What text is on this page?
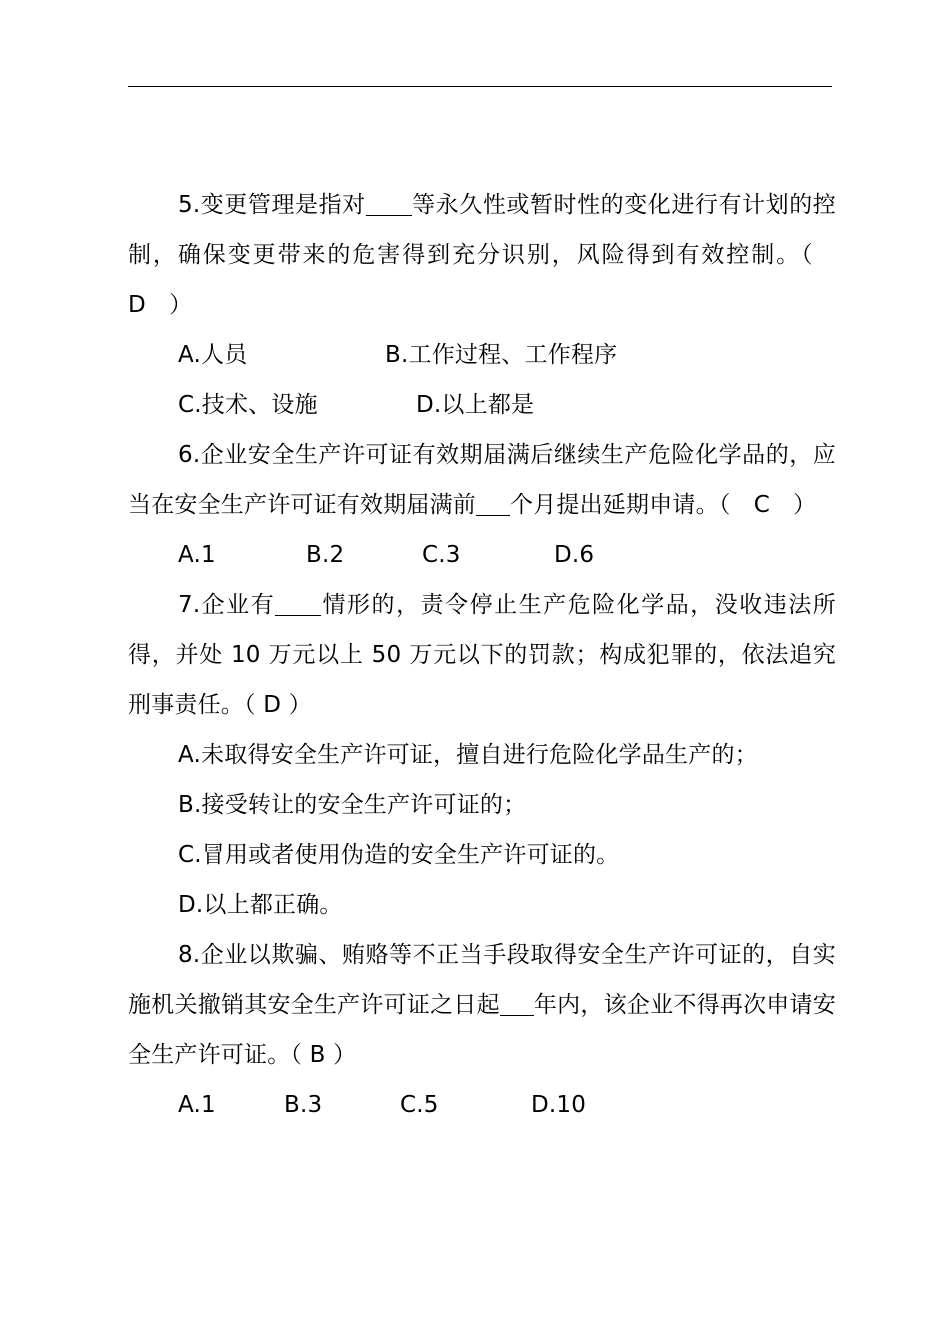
5.变更管理是指对 等永久性或暂时性的变化进行有计划的控制，确保变更带来的危害得到充分识别，风险得到有效控制。（　D　）

A.人员	B.工作过程、工作程序

C.技术、设施	D.以上都是

6.企业安全生产许可证有效期届满后继续生产危险化学品的，应当在安全生产许可证有效期届满前 个月提出延期申请。（　C　）

A.1	B.2	C.3	D.6

7.企业有 情形的，责令停止生产危险化学品，没收违法所得，并处 10 万元以上 50 万元以下的罚款；构成犯罪的，依法追究刑事责任。（ D ）

A.未取得安全生产许可证，擅自进行危险化学品生产的；

B.接受转让的安全生产许可证的；

C.冒用或者使用伪造的安全生产许可证的。

D.以上都正确。

8.企业以欺骗、贿赂等不正当手段取得安全生产许可证的，自实施机关撤销其安全生产许可证之日起 年内，该企业不得再次申请安全生产许可证。（ B ）

A.1	B.3	C.5	D.10
